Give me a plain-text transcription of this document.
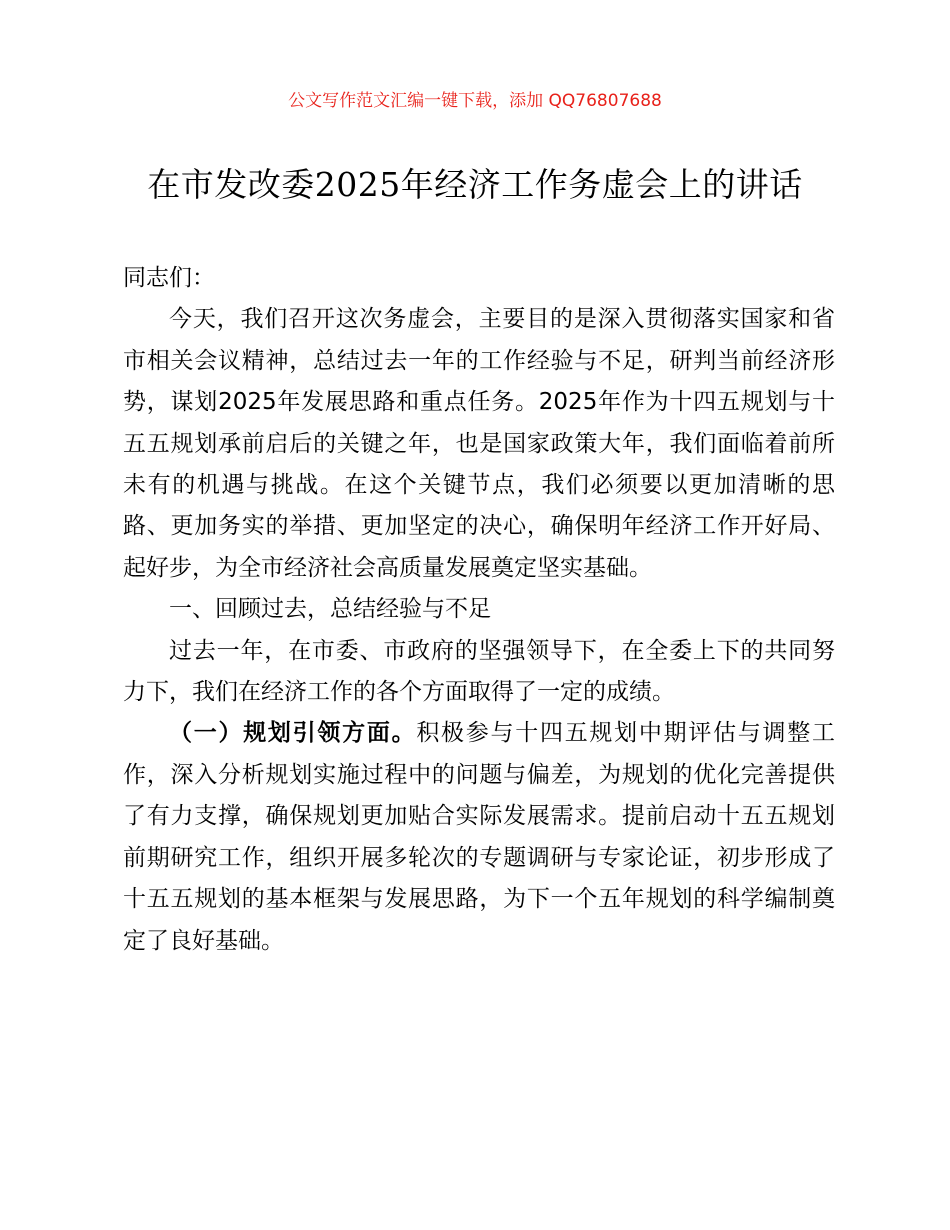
公文写作范文汇编一键下载，添加 QQ76807688
在市发改委2025年经济工作务虚会上的讲话

同志们：

今天，我们召开这次务虚会，主要目的是深入贯彻落实国家和省市相关会议精神，总结过去一年的工作经验与不足，研判当前经济形势，谋划2025年发展思路和重点任务。2025年作为十四五规划与十五五规划承前启后的关键之年，也是国家政策大年，我们面临着前所未有的机遇与挑战。在这个关键节点，我们必须要以更加清晰的思路、更加务实的举措、更加坚定的决心，确保明年经济工作开好局、起好步，为全市经济社会高质量发展奠定坚实基础。

一、回顾过去，总结经验与不足

过去一年，在市委、市政府的坚强领导下，在全委上下的共同努力下，我们在经济工作的各个方面取得了一定的成绩。

（一）规划引领方面。积极参与十四五规划中期评估与调整工作，深入分析规划实施过程中的问题与偏差，为规划的优化完善提供了有力支撑，确保规划更加贴合实际发展需求。提前启动十五五规划前期研究工作，组织开展多轮次的专题调研与专家论证，初步形成了十五五规划的基本框架与发展思路，为下一个五年规划的科学编制奠定了良好基础。
